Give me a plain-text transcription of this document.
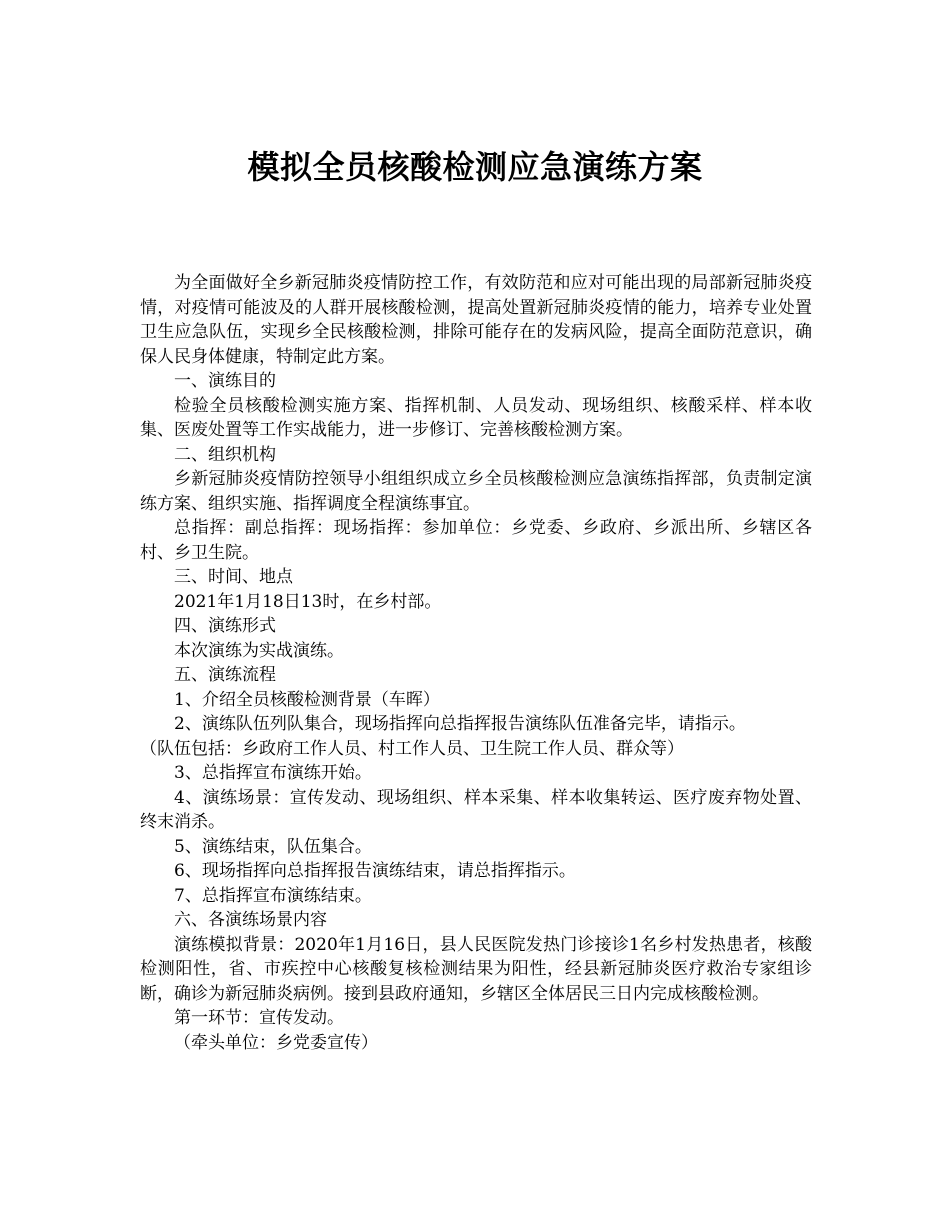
模拟全员核酸检测应急演练方案

为全面做好全乡新冠肺炎疫情防控工作，有效防范和应对可能出现的局部新冠肺炎疫情，对疫情可能波及的人群开展核酸检测，提高处置新冠肺炎疫情的能力，培养专业处置卫生应急队伍，实现乡全民核酸检测，排除可能存在的发病风险，提高全面防范意识，确保人民身体健康，特制定此方案。

一、演练目的

检验全员核酸检测实施方案、指挥机制、人员发动、现场组织、核酸采样、样本收集、医废处置等工作实战能力，进一步修订、完善核酸检测方案。

二、组织机构

乡新冠肺炎疫情防控领导小组组织成立乡全员核酸检测应急演练指挥部，负责制定演练方案、组织实施、指挥调度全程演练事宜。

总指挥：副总指挥：现场指挥：参加单位：乡党委、乡政府、乡派出所、乡辖区各村、乡卫生院。

三、时间、地点

2021年1月18日13时，在乡村部。

四、演练形式

本次演练为实战演练。

五、演练流程

1、介绍全员核酸检测背景（车晖）

2、演练队伍列队集合，现场指挥向总指挥报告演练队伍准备完毕，请指示。

（队伍包括：乡政府工作人员、村工作人员、卫生院工作人员、群众等）

3、总指挥宣布演练开始。

4、演练场景：宣传发动、现场组织、样本采集、样本收集转运、医疗废弃物处置、终末消杀。

5、演练结束，队伍集合。

6、现场指挥向总指挥报告演练结束，请总指挥指示。

7、总指挥宣布演练结束。

六、各演练场景内容

演练模拟背景：2020年1月16日，县人民医院发热门诊接诊1名乡村发热患者，核酸检测阳性，省、市疾控中心核酸复核检测结果为阳性，经县新冠肺炎医疗救治专家组诊断，确诊为新冠肺炎病例。接到县政府通知，乡辖区全体居民三日内完成核酸检测。

第一环节：宣传发动。

（牵头单位：乡党委宣传）
